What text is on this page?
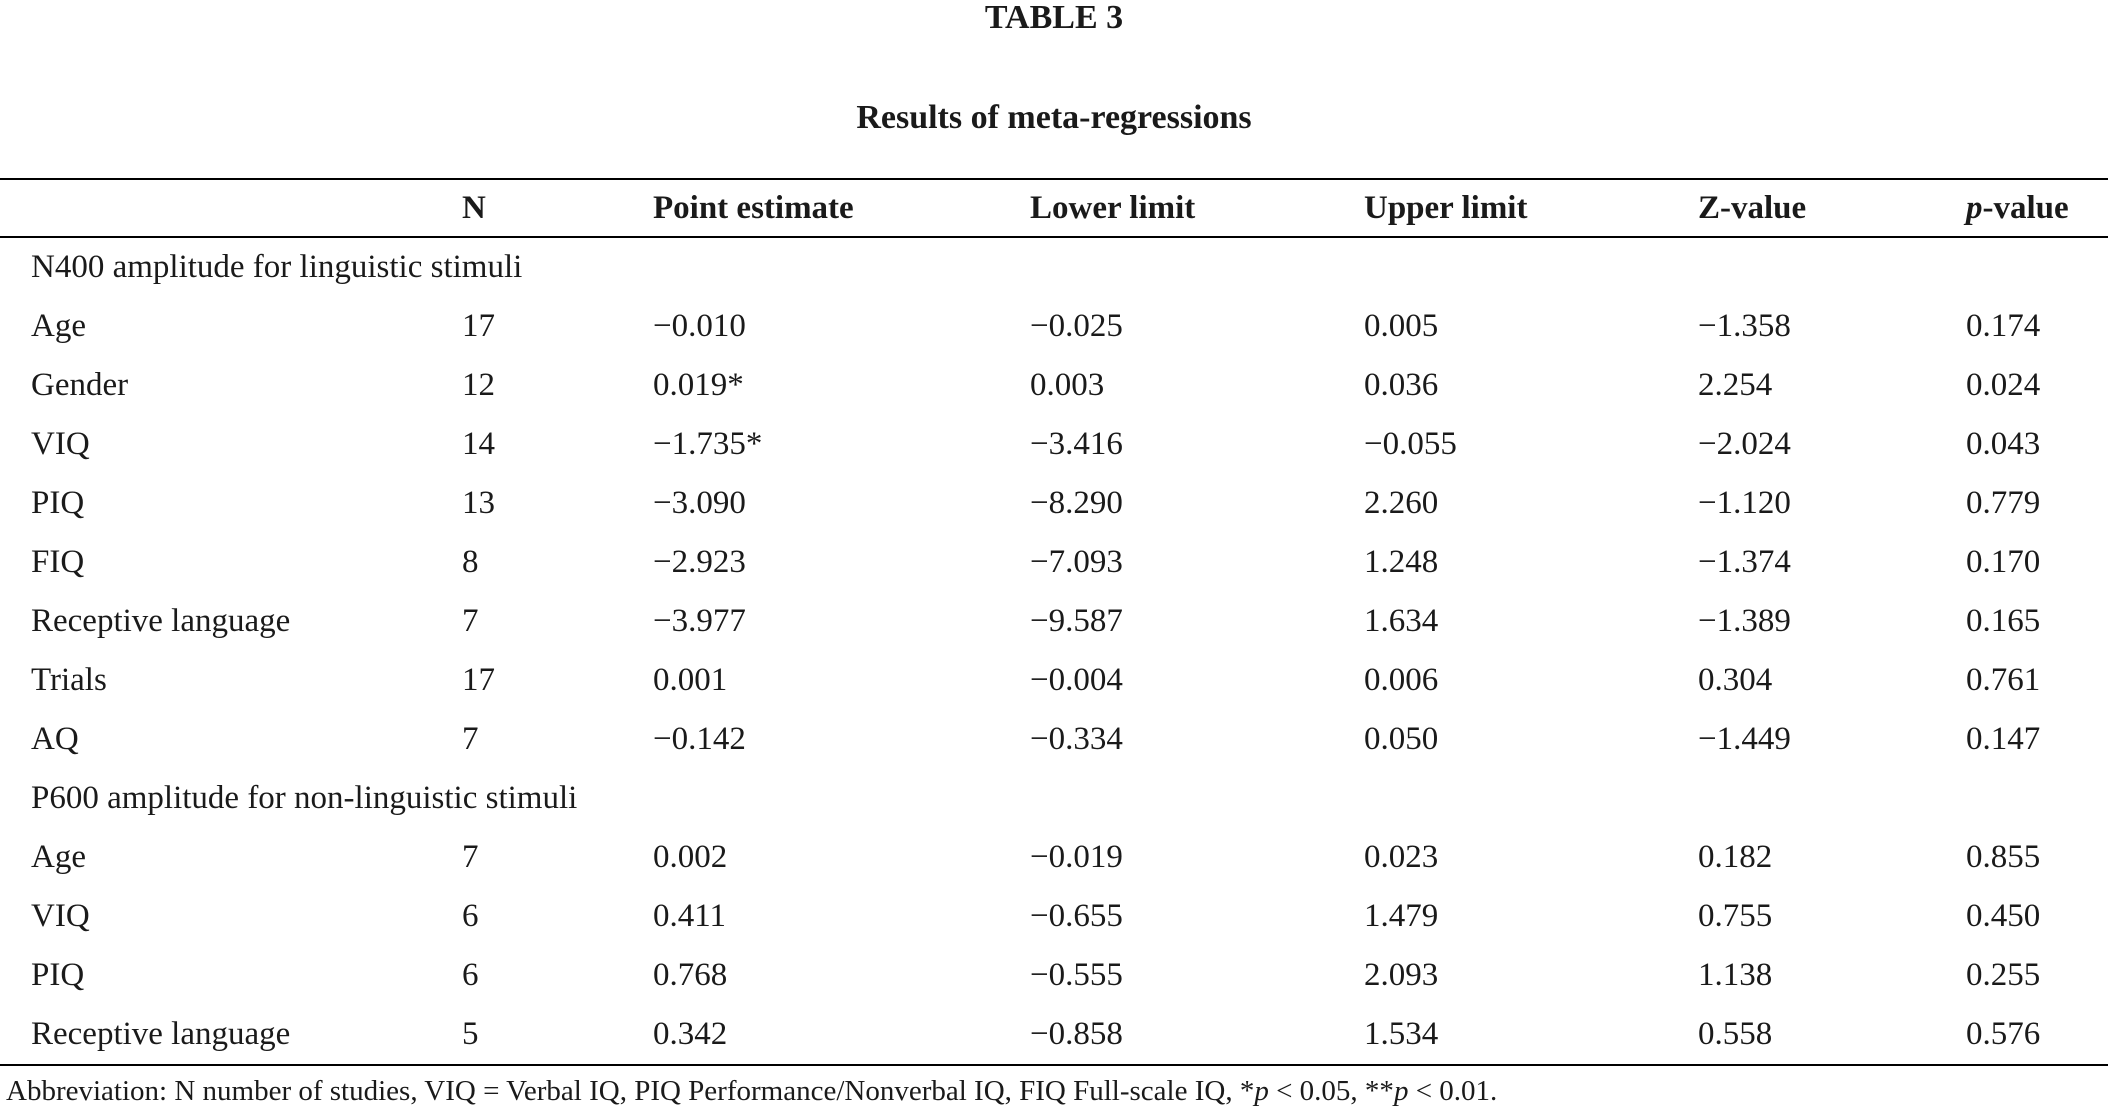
TABLE 3
Results of meta-regressions
	N	Point estimate	Lower limit	Upper limit	Z-value	p-value
N400 amplitude for linguistic stimuli						
Age	17	−0.010	−0.025	0.005	−1.358	0.174
Gender	12	0.019*	0.003	0.036	2.254	0.024
VIQ	14	−1.735*	−3.416	−0.055	−2.024	0.043
PIQ	13	−3.090	−8.290	2.260	−1.120	0.779
FIQ	8	−2.923	−7.093	1.248	−1.374	0.170
Receptive language	7	−3.977	−9.587	1.634	−1.389	0.165
Trials	17	0.001	−0.004	0.006	0.304	0.761
AQ	7	−0.142	−0.334	0.050	−1.449	0.147
P600 amplitude for non-linguistic stimuli						
Age	7	0.002	−0.019	0.023	0.182	0.855
VIQ	6	0.411	−0.655	1.479	0.755	0.450
PIQ	6	0.768	−0.555	2.093	1.138	0.255
Receptive language	5	0.342	−0.858	1.534	0.558	0.576
Abbreviation: N number of studies, VIQ = Verbal IQ, PIQ Performance/Nonverbal IQ, FIQ Full-scale IQ, *p < 0.05, **p < 0.01.
